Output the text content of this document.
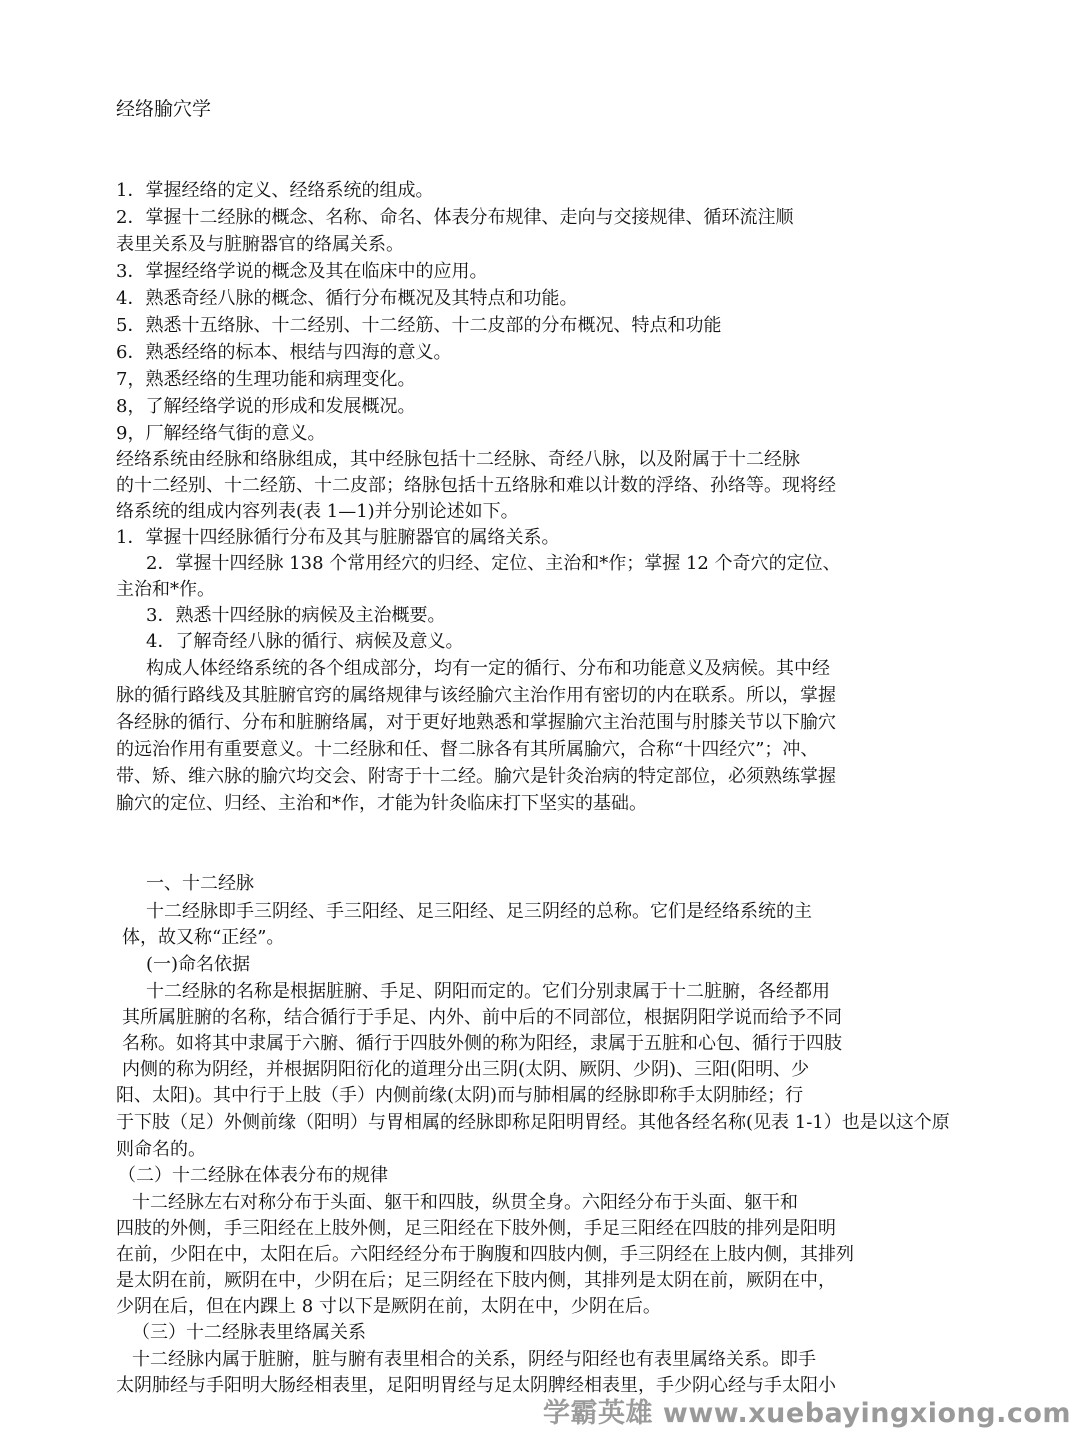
经络腧穴学
1．掌握经络的定义、经络系统的组成。
2．掌握十二经脉的概念、名称、命名、体表分布规律、走向与交接规律、循环流注顺
表里关系及与脏腑器官的络属关系。
3．掌握经络学说的概念及其在临床中的应用。
4．熟悉奇经八脉的概念、循行分布概况及其特点和功能。
5．熟悉十五络脉、十二经别、十二经筋、十二皮部的分布概况、特点和功能
6．熟悉经络的标本、根结与四海的意义。
7，熟悉经络的生理功能和病理变化。
8，了解经络学说的形成和发展概况。
9，厂解经络气街的意义。
经络系统由经脉和络脉组成，其中经脉包括十二经脉、奇经八脉，以及附属于十二经脉
的十二经别、十二经筋、十二皮部；络脉包括十五络脉和难以计数的浮络、孙络等。现将经
络系统的组成内容列表(表 1—1)并分别论述如下。
1．掌握十四经脉循行分布及其与脏腑器官的属络关系。
2．掌握十四经脉 138 个常用经穴的归经、定位、主治和*作；掌握 12 个奇穴的定位、
主治和*作。
3．熟悉十四经脉的病候及主治概要。
4．了解奇经八脉的循行、病候及意义。
构成人体经络系统的各个组成部分，均有一定的循行、分布和功能意义及病候。其中经
脉的循行路线及其脏腑官窍的属络规律与该经腧穴主治作用有密切的内在联系。所以，掌握
各经脉的循行、分布和脏腑络属，对于更好地熟悉和掌握腧穴主治范围与肘膝关节以下腧穴
的远治作用有重要意义。十二经脉和任、督二脉各有其所属腧穴，合称“十四经穴”；冲、
带、矫、维六脉的腧穴均交会、附寄于十二经。腧穴是针灸治病的特定部位，必须熟练掌握
腧穴的定位、归经、主治和*作，才能为针灸临床打下坚实的基础。
一、十二经脉
十二经脉即手三阴经、手三阳经、足三阳经、足三阴经的总称。它们是经络系统的主
体，故又称“正经”。
(一)命名依据
十二经脉的名称是根据脏腑、手足、阴阳而定的。它们分别隶属于十二脏腑，各经都用
其所属脏腑的名称，结合循行于手足、内外、前中后的不同部位，根据阴阳学说而给予不同
名称。如将其中隶属于六腑、循行于四肢外侧的称为阳经，隶属于五脏和心包、循行于四肢
内侧的称为阴经，并根据阴阳衍化的道理分出三阴(太阴、厥阴、少阴)、三阳(阳明、少
阳、太阳)。其中行于上肢（手）内侧前缘(太阴)而与肺相属的经脉即称手太阴肺经；行
于下肢（足）外侧前缘（阳明）与胃相属的经脉即称足阳明胃经。其他各经名称(见表 1-1）也是以这个原
则命名的。
（二）十二经脉在体表分布的规律
十二经脉左右对称分布于头面、躯干和四肢，纵贯全身。六阳经分布于头面、躯干和
四肢的外侧，手三阳经在上肢外侧，足三阳经在下肢外侧，手足三阳经在四肢的排列是阳明
在前，少阳在中，太阳在后。六阳经经分布于胸腹和四肢内侧，手三阴经在上肢内侧，其排列
是太阴在前，厥阴在中，少阴在后；足三阴经在下肢内侧，其排列是太阴在前，厥阴在中，
少阴在后，但在内踝上 8 寸以下是厥阴在前，太阴在中，少阴在后。
（三）十二经脉表里络属关系
十二经脉内属于脏腑，脏与腑有表里相合的关系，阴经与阳经也有表里属络关系。即手
太阴肺经与手阳明大肠经相表里，足阳明胃经与足太阴脾经相表里，手少阴心经与手太阳小
学霸英雄 www.xuebayingxiong.com
